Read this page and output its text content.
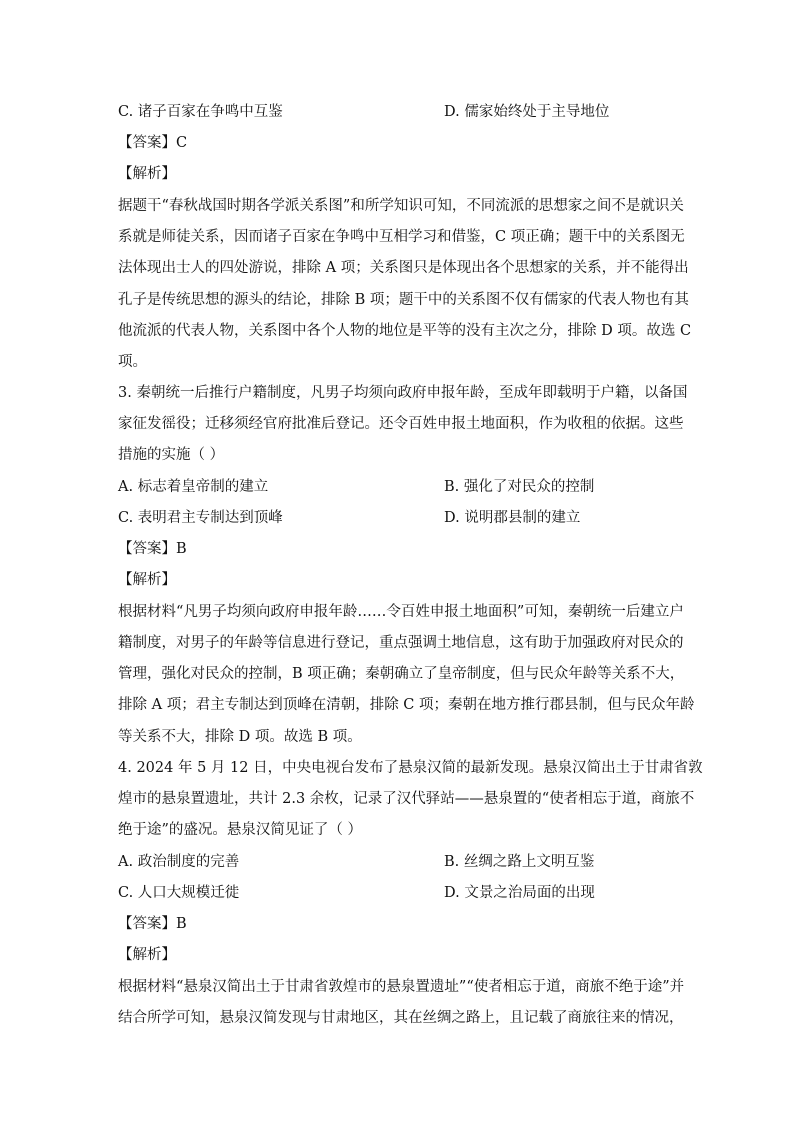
C. 诸子百家在争鸣中互鉴	D. 儒家始终处于主导地位
【答案】C
【解析】
据题干“春秋战国时期各学派关系图”和所学知识可知，不同流派的思想家之间不是就识关
系就是师徒关系，因而诸子百家在争鸣中互相学习和借鉴，C 项正确；题干中的关系图无
法体现出士人的四处游说，排除 A 项；关系图只是体现出各个思想家的关系，并不能得出
孔子是传统思想的源头的结论，排除 B 项；题干中的关系图不仅有儒家的代表人物也有其
他流派的代表人物，关系图中各个人物的地位是平等的没有主次之分，排除 D 项。故选 C
项。
3. 秦朝统一后推行户籍制度，凡男子均须向政府申报年龄，至成年即载明于户籍，以备国
家征发徭役；迁移须经官府批准后登记。还令百姓申报土地面积，作为收租的依据。这些
措施的实施（ ）
A. 标志着皇帝制的建立	B. 强化了对民众的控制
C. 表明君主专制达到顶峰	D. 说明郡县制的建立
【答案】B
【解析】
根据材料“凡男子均须向政府申报年龄……令百姓申报土地面积”可知，秦朝统一后建立户
籍制度，对男子的年龄等信息进行登记，重点强调土地信息，这有助于加强政府对民众的
管理，强化对民众的控制，B 项正确；秦朝确立了皇帝制度，但与民众年龄等关系不大，
排除 A 项；君主专制达到顶峰在清朝，排除 C 项；秦朝在地方推行郡县制，但与民众年龄
等关系不大，排除 D 项。故选 B 项。
4. 2024 年 5 月 12 日，中央电视台发布了悬泉汉简的最新发现。悬泉汉简出土于甘肃省敦
煌市的悬泉置遗址，共计 2.3 余枚，记录了汉代驿站——悬泉置的“使者相忘于道，商旅不
绝于途”的盛况。悬泉汉简见证了（ ）
A. 政治制度的完善	B. 丝绸之路上文明互鉴
C. 人口大规模迁徙	D. 文景之治局面的出现
【答案】B
【解析】
根据材料“悬泉汉简出土于甘肃省敦煌市的悬泉置遗址”“使者相忘于道，商旅不绝于途”并
结合所学可知，悬泉汉简发现与甘肃地区，其在丝绸之路上，且记载了商旅往来的情况，
